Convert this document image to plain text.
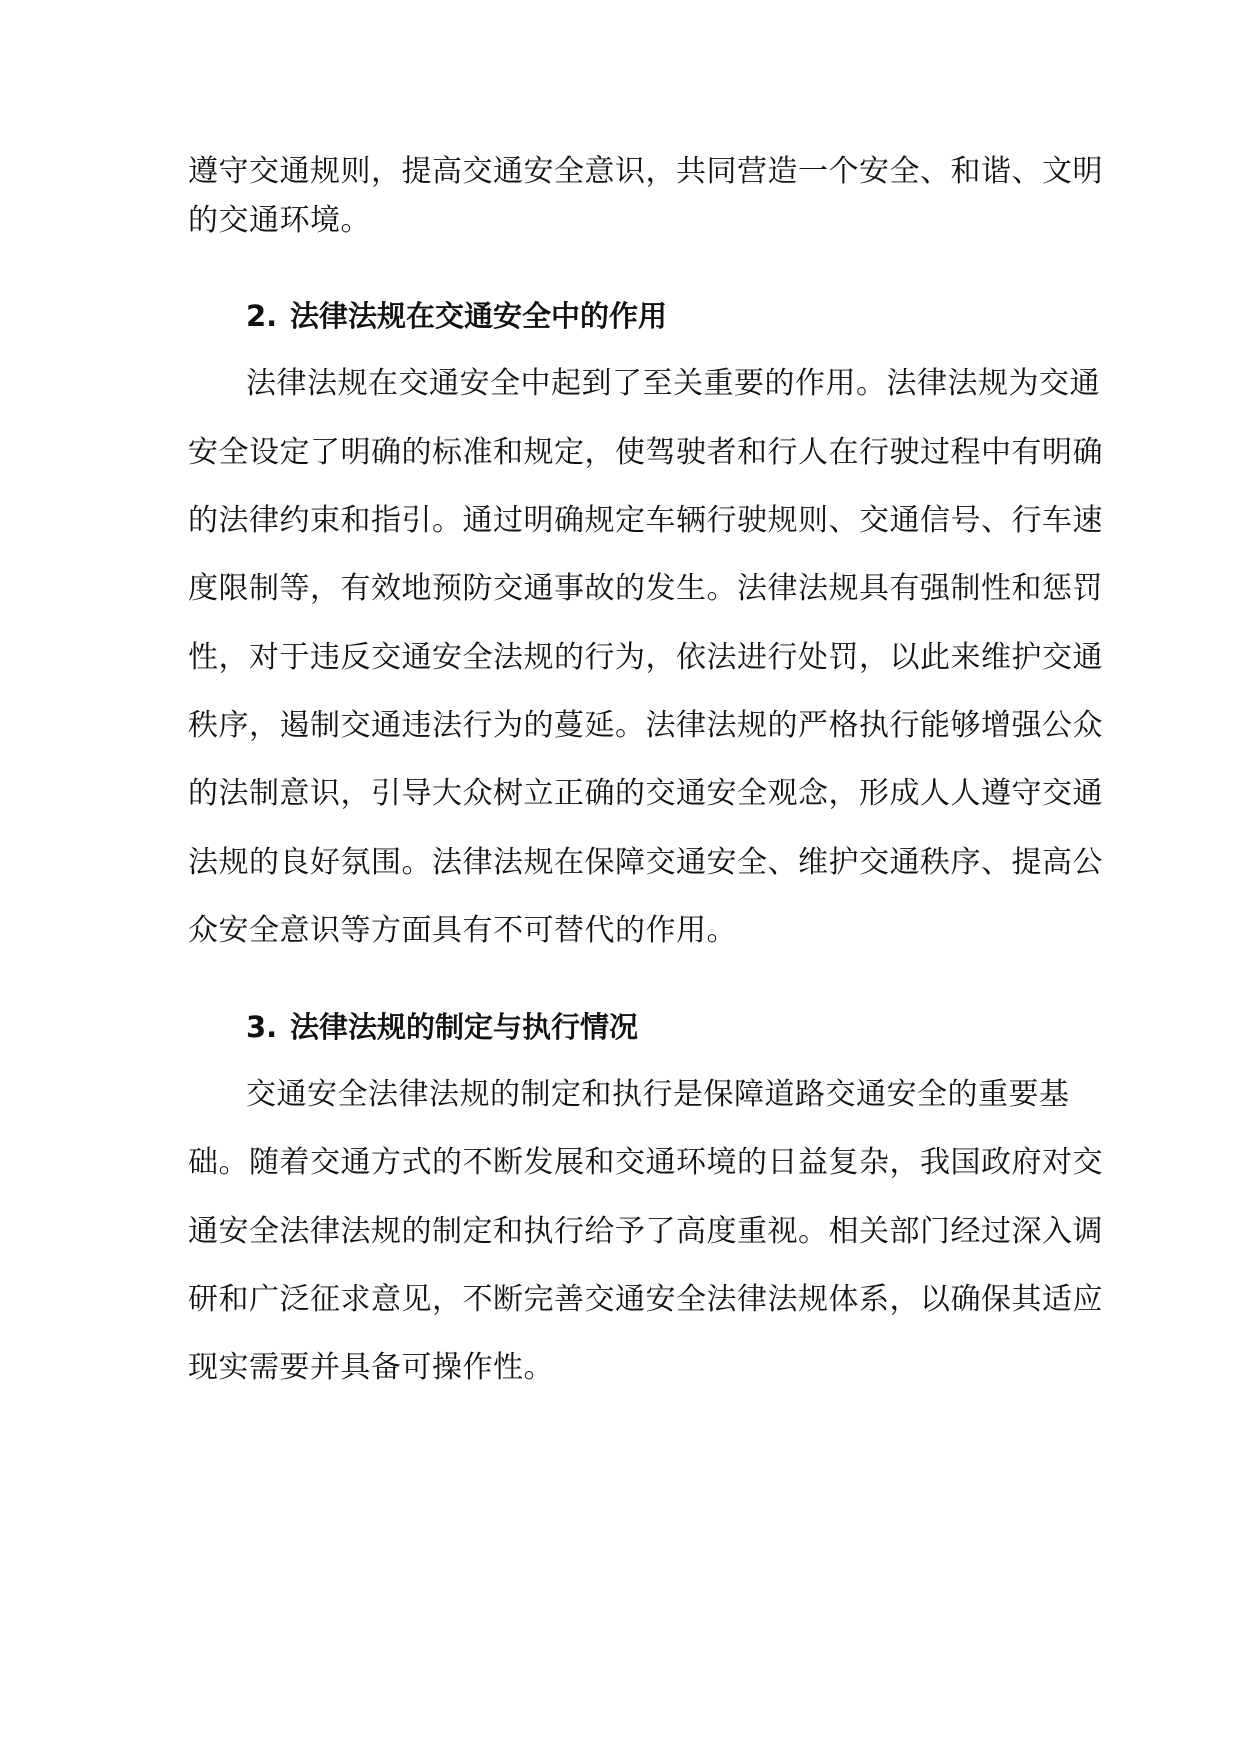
遵守交通规则，提高交通安全意识，共同营造一个安全、和谐、文明
的交通环境。
2. 法律法规在交通安全中的作用
法律法规在交通安全中起到了至关重要的作用。法律法规为交通
安全设定了明确的标准和规定，使驾驶者和行人在行驶过程中有明确
的法律约束和指引。通过明确规定车辆行驶规则、交通信号、行车速
度限制等，有效地预防交通事故的发生。法律法规具有强制性和惩罚
性，对于违反交通安全法规的行为，依法进行处罚，以此来维护交通
秩序，遏制交通违法行为的蔓延。法律法规的严格执行能够增强公众
的法制意识，引导大众树立正确的交通安全观念，形成人人遵守交通
法规的良好氛围。法律法规在保障交通安全、维护交通秩序、提高公
众安全意识等方面具有不可替代的作用。
3. 法律法规的制定与执行情况
交通安全法律法规的制定和执行是保障道路交通安全的重要基
础。随着交通方式的不断发展和交通环境的日益复杂，我国政府对交
通安全法律法规的制定和执行给予了高度重视。相关部门经过深入调
研和广泛征求意见，不断完善交通安全法律法规体系，以确保其适应
现实需要并具备可操作性。
